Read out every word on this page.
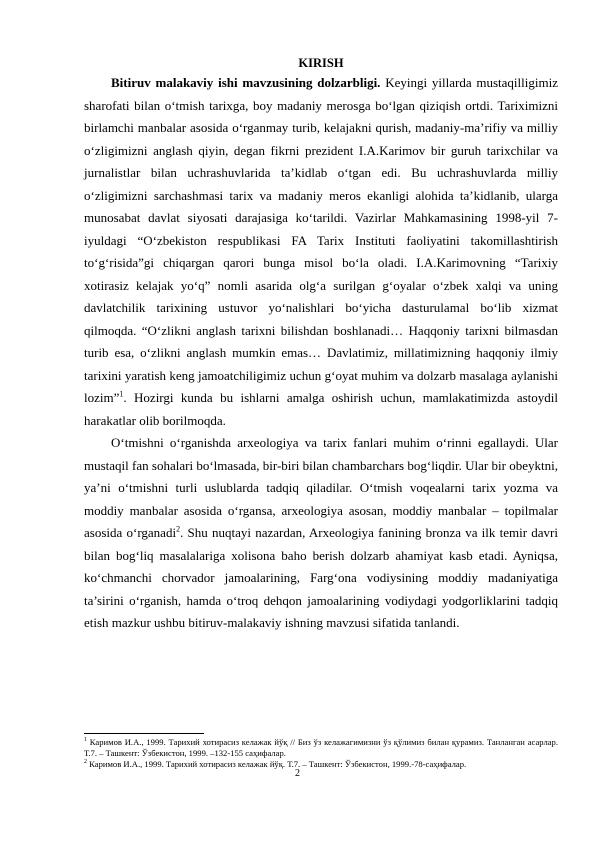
KIRISH

Bitiruv malakaviy ishi mavzusining dolzarbligi. Keyingi yillarda mustaqilligimiz sharofati bilan o‘tmish tarixga, boy madaniy merosga bo‘lgan qiziqish ortdi. Tariximizni birlamchi manbalar asosida o‘rganmay turib, kelajakni qurish, madaniy-ma’rifiy va milliy o‘zligimizni anglash qiyin, degan fikrni prezident I.A.Karimov bir guruh tarixchilar va jurnalistlar bilan uchrashuvlarida ta’kidlab o‘tgan edi. Bu uchrashuvlarda milliy o‘zligimizni sarchashmasi tarix va madaniy meros ekanligi alohida ta’kidlanib, ularga munosabat davlat siyosati darajasiga ko‘tarildi. Vazirlar Mahkamasining 1998-yil 7-iyuldagi “O‘zbekiston respublikasi FA Tarix Instituti faoliyatini takomillashtirish to‘g‘risida”gi chiqargan qarori bunga misol bo‘la oladi. I.A.Karimovning “Tarixiy xotirasiz kelajak yo‘q” nomli asarida olg‘a surilgan g‘oyalar o‘zbek xalqi va uning davlatchilik tarixining ustuvor yo‘nalishlari bo‘yicha dasturulamal bo‘lib xizmat qilmoqda. “O‘zlikni anglash tarixni bilishdan boshlanadi… Haqqoniy tarixni bilmasdan turib esa, o‘zlikni anglash mumkin emas… Davlatimiz, millatimizning haqqoniy ilmiy tarixini yaratish keng jamoatchiligimiz uchun g‘oyat muhim va dolzarb masalaga aylanishi lozim”$^1$. Hozirgi kunda bu ishlarni amalga oshirish uchun, mamlakatimizda astoydil harakatlar olib borilmoqda.

O‘tmishni o‘rganishda arxeologiya va tarix fanlari muhim o‘rinni egallaydi. Ular mustaqil fan sohalari bo‘lmasada, bir-biri bilan chambarchars bog‘liqdir. Ular bir obeyktni, ya’ni o‘tmishni turli uslublarda tadqiq qiladilar. O‘tmish voqealarni tarix yozma va moddiy manbalar asosida o‘rgansa, arxeologiya asosan, moddiy manbalar – topilmalar asosida o‘rganadi$^2$. Shu nuqtayi nazardan, Arxeologiya fanining bronza va ilk temir davri bilan bog‘liq masalalariga xolisona baho berish dolzarb ahamiyat kasb etadi. Ayniqsa, ko‘chmanchi chorvador jamoalarining, Farg‘ona vodiysining moddiy madaniyatiga ta’sirini o‘rganish, hamda o‘troq dehqon jamoalarining vodiydagi yodgorliklarini tadqiq etish mazkur ushbu bitiruv-malakaviy ishning mavzusi sifatida tanlandi.

$^1$ Каримов И.А., 1999. Тарихий хотирасиз келажак йўқ // Биз ўз келажагимизни ўз қўлимиз билан қурамиз. Танланган асарлар. Т.7. – Ташкент: Ўзбекистон, 1999. –132-155 саҳифалар.
$^2$ Каримов И.А., 1999. Тарихий хотирасиз келажак йўқ. Т.7. – Ташкент: Ўзбекистон, 1999.-78-саҳифалар.
2
